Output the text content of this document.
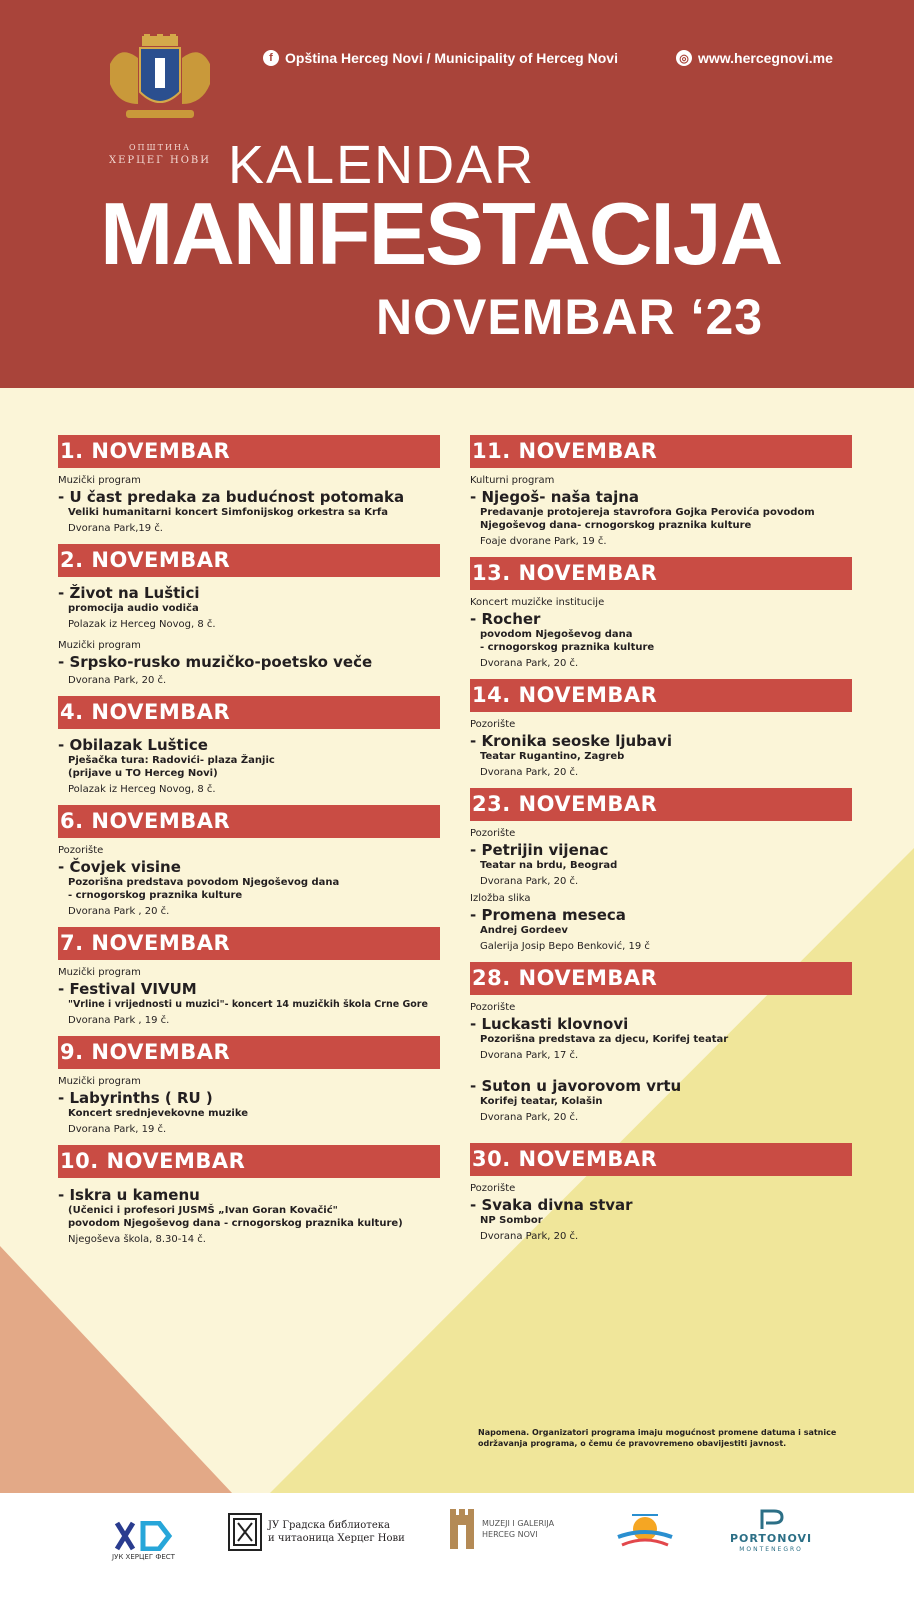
ОПШТИНА
ХЕРЦЕГ НОВИ
f Opština Herceg Novi / Municipality of Herceg Novi	◎ www.hercegnovi.me
KALENDAR
MANIFESTACIJA
NOVEMBAR ‘23
1. NOVEMBAR
Muzički program
- U čast predaka za budućnost potomaka
Veliki humanitarni koncert Simfonijskog orkestra sa Krfa
Dvorana Park,19 č.
2. NOVEMBAR
- Život na Luštici
promocija audio vodiča
Polazak iz Herceg Novog, 8 č.
Muzički program
- Srpsko-rusko muzičko-poetsko veče
Dvorana Park, 20 č.
4. NOVEMBAR
- Obilazak Luštice
Pješačka tura: Radovići- plaza Žanjic
(prijave u TO Herceg Novi)
Polazak iz Herceg Novog, 8 č.
6. NOVEMBAR
Pozorište
- Čovjek visine
Pozorišna predstava povodom Njegoševog dana
- crnogorskog praznika kulture
Dvorana Park , 20 č.
7. NOVEMBAR
Muzički program
- Festival VIVUM
"Vrline i vrijednosti u muzici"- koncert 14 muzičkih škola Crne Gore
Dvorana Park , 19 č.
9. NOVEMBAR
Muzički program
- Labyrinths ( RU )
Koncert srednjevekovne muzike
Dvorana Park, 19 č.
10. NOVEMBAR
- Iskra u kamenu
(Učenici i profesori JUSMŠ „Ivan Goran Kovačić"
povodom Njegoševog dana - crnogorskog praznika kulture)
Njegoševa škola, 8.30-14 č.
11. NOVEMBAR
Kulturni program
- Njegoš- naša tajna
Predavanje protojereja stavrofora Gojka Perovića povodom
Njegoševog dana- crnogorskog praznika kulture
Foaje dvorane Park, 19 č.
13. NOVEMBAR
Koncert muzičke institucije
- Rocher
povodom Njegoševog dana
- crnogorskog praznika kulture
Dvorana Park, 20 č.
14. NOVEMBAR
Pozorište
- Kronika seoske ljubavi
Teatar Rugantino, Zagreb
Dvorana Park, 20 č.
23. NOVEMBAR
Pozorište
- Petrijin vijenac
Teatar na brdu, Beograd
Dvorana Park, 20 č.
Izložba slika
- Promena meseca
Andrej Gordeev
Galerija Josip Bepo Benković, 19 č
28. NOVEMBAR
Pozorište
- Luckasti klovnovi
Pozorišna predstava za djecu, Korifej teatar
Dvorana Park, 17 č.
- Suton u javorovom vrtu
Korifej teatar, Kolašin
Dvorana Park, 20 č.
30. NOVEMBAR
Pozorište
- Svaka divna stvar
NP Sombor
Dvorana Park, 20 č.
Napomena. Organizatori programa imaju mogućnost promene datuma i satnice održavanja programa, o čemu će pravovremeno obavijestiti javnost.
ЈУК ХЕРЦЕГ ФЕСТ
ЈУ Градска библиотека
и читаоница Херцег Нови
MUZEJI I GALERIJA
HERCEG NOVI	PORTONOVI
MONTENEGRO
